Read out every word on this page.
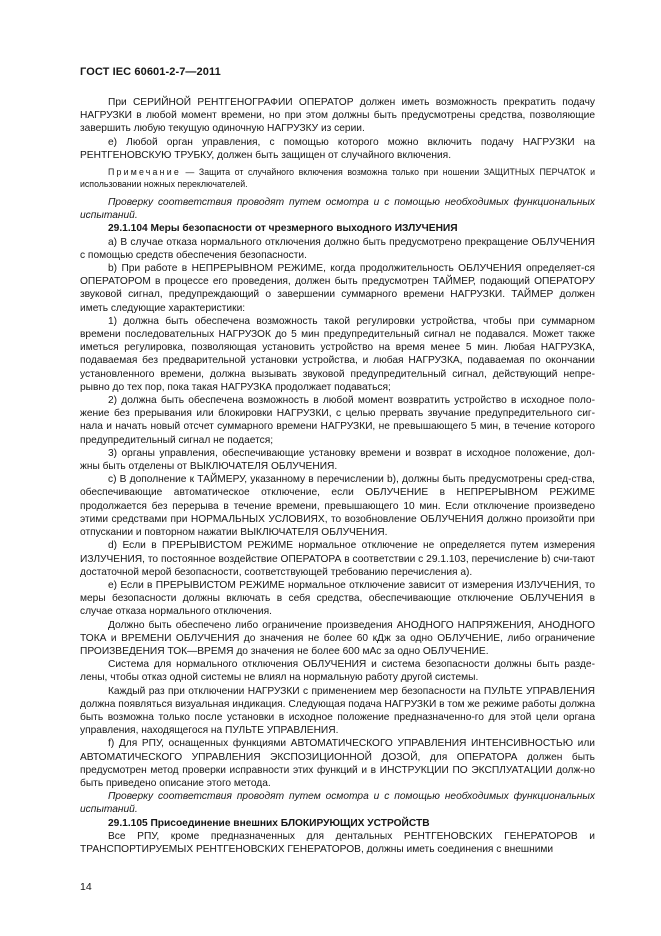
ГОСТ IEC 60601-2-7—2011

При СЕРИЙНОЙ РЕНТГЕНОГРАФИИ ОПЕРАТОР должен иметь возможность прекратить подачу НАГРУЗКИ в любой момент времени, но при этом должны быть предусмотрены средства, позволяющие завершить любую текущую одиночную НАГРУЗКУ из серии.

е) Любой орган управления, с помощью которого можно включить подачу НАГРУЗКИ на РЕНТГЕНОВСКУЮ ТРУБКУ, должен быть защищен от случайного включения.

Примечание — Защита от случайного включения возможна только при ношении ЗАЩИТНЫХ ПЕРЧАТОК и использовании ножных переключателей.

Проверку соответствия проводят путем осмотра и с помощью необходимых функциональных испытаний.

29.1.104 Меры безопасности от чрезмерного выходного ИЗЛУЧЕНИЯ

а) В случае отказа нормального отключения должно быть предусмотрено прекращение ОБЛУЧЕНИЯ с помощью средств обеспечения безопасности.

b) При работе в НЕПРЕРЫВНОМ РЕЖИМЕ, когда продолжительность ОБЛУЧЕНИЯ определяет-ся ОПЕРАТОРОМ в процессе его проведения, должен быть предусмотрен ТАЙМЕР, подающий ОПЕРАТОРУ звуковой сигнал, предупреждающий о завершении суммарного времени НАГРУЗКИ. ТАЙМЕР должен иметь следующие характеристики:

1) должна быть обеспечена возможность такой регулировки устройства, чтобы при суммарном времени последовательных НАГРУЗОК до 5 мин предупредительный сигнал не подавался. Может также иметься регулировка, позволяющая установить устройство на время менее 5 мин. Любая НАГРУЗКА, подаваемая без предварительной установки устройства, и любая НАГРУЗКА, подаваемая по окончании установленного времени, должна вызывать звуковой предупредительный сигнал, действующий непре-рывно до тех пор, пока такая НАГРУЗКА продолжает подаваться;

2) должна быть обеспечена возможность в любой момент возвратить устройство в исходное поло-жение без прерывания или блокировки НАГРУЗКИ, с целью прервать звучание предупредительного сиг-нала и начать новый отсчет суммарного времени НАГРУЗКИ, не превышающего 5 мин, в течение которого предупредительный сигнал не подается;

3) органы управления, обеспечивающие установку времени и возврат в исходное положение, дол-жны быть отделены от ВЫКЛЮЧАТЕЛЯ ОБЛУЧЕНИЯ.

с) В дополнение к ТАЙМЕРУ, указанному в перечислении b), должны быть предусмотрены сред-ства, обеспечивающие автоматическое отключение, если ОБЛУЧЕНИЕ в НЕПРЕРЫВНОМ РЕЖИМЕ продолжается без перерыва в течение времени, превышающего 10 мин. Если отключение произведено этими средствами при НОРМАЛЬНЫХ УСЛОВИЯХ, то возобновление ОБЛУЧЕНИЯ должно произойти при отпускании и повторном нажатии ВЫКЛЮЧАТЕЛЯ ОБЛУЧЕНИЯ.

d) Если в ПРЕРЫВИСТОМ РЕЖИМЕ нормальное отключение не определяется путем измерения ИЗЛУЧЕНИЯ, то постоянное воздействие ОПЕРАТОРА в соответствии с 29.1.103, перечисление b) счи-тают достаточной мерой безопасности, соответствующей требованию перечисления а).

е) Если в ПРЕРЫВИСТОМ РЕЖИМЕ нормальное отключение зависит от измерения ИЗЛУЧЕНИЯ, то меры безопасности должны включать в себя средства, обеспечивающие отключение ОБЛУЧЕНИЯ в случае отказа нормального отключения.

Должно быть обеспечено либо ограничение произведения АНОДНОГО НАПРЯЖЕНИЯ, АНОДНОГО ТОКА и ВРЕМЕНИ ОБЛУЧЕНИЯ до значения не более 60 кДж за одно ОБЛУЧЕНИЕ, либо ограничение ПРОИЗВЕДЕНИЯ ТОК—ВРЕМЯ до значения не более 600 мАс за одно ОБЛУЧЕНИЕ.

Система для нормального отключения ОБЛУЧЕНИЯ и система безопасности должны быть разде-лены, чтобы отказ одной системы не влиял на нормальную работу другой системы.

Каждый раз при отключении НАГРУЗКИ с применением мер безопасности на ПУЛЬТЕ УПРАВЛЕНИЯ должна появляться визуальная индикация. Следующая подача НАГРУЗКИ в том же режиме работы должна быть возможна только после установки в исходное положение предназначенно-го для этой цели органа управления, находящегося на ПУЛЬТЕ УПРАВЛЕНИЯ.

f) Для РПУ, оснащенных функциями АВТОМАТИЧЕСКОГО УПРАВЛЕНИЯ ИНТЕНСИВНОСТЬЮ или АВТОМАТИЧЕСКОГО УПРАВЛЕНИЯ ЭКСПОЗИЦИОННОЙ ДОЗОЙ, для ОПЕРАТОРА должен быть предусмотрен метод проверки исправности этих функций и в ИНСТРУКЦИИ ПО ЭКСПЛУАТАЦИИ долж-но быть приведено описание этого метода.

Проверку соответствия проводят путем осмотра и с помощью необходимых функциональных испытаний.

29.1.105 Присоединение внешних БЛОКИРУЮЩИХ УСТРОЙСТВ

Все РПУ, кроме предназначенных для дентальных РЕНТГЕНОВСКИХ ГЕНЕРАТОРОВ и ТРАНСПОРТИРУЕМЫХ РЕНТГЕНОВСКИХ ГЕНЕРАТОРОВ, должны иметь соединения с внешними

14
